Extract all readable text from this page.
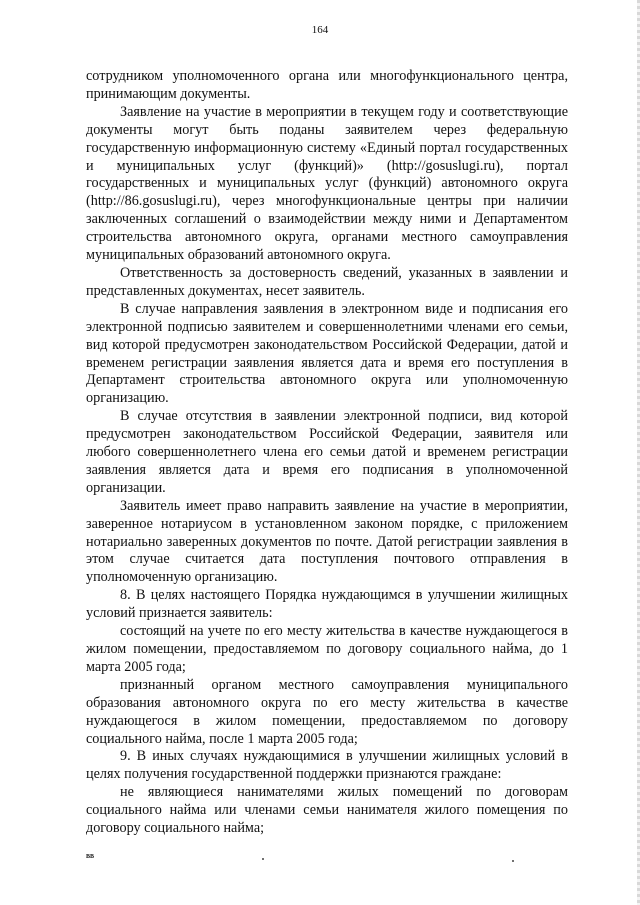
164

сотрудником уполномоченного органа или многофункционального центра, принимающим документы.

Заявление на участие в мероприятии в текущем году и соответствующие документы могут быть поданы заявителем через федеральную государственную информационную систему «Единый портал государственных и муниципальных услуг (функций)» (http://gosuslugi.ru), портал государственных и муниципальных услуг (функций) автономного округа (http://86.gosuslugi.ru), через многофункциональные центры при наличии заключенных соглашений о взаимодействии между ними и Департаментом строительства автономного округа, органами местного самоуправления муниципальных образований автономного округа.

Ответственность за достоверность сведений, указанных в заявлении и представленных документах, несет заявитель.

В случае направления заявления в электронном виде и подписания его электронной подписью заявителем и совершеннолетними членами его семьи, вид которой предусмотрен законодательством Российской Федерации, датой и временем регистрации заявления является дата и время его поступления в Департамент строительства автономного округа или уполномоченную организацию.

В случае отсутствия в заявлении электронной подписи, вид которой предусмотрен законодательством Российской Федерации, заявителя или любого совершеннолетнего члена его семьи датой и временем регистрации заявления является дата и время его подписания в уполномоченной организации.

Заявитель имеет право направить заявление на участие в мероприятии, заверенное нотариусом в установленном законом порядке, с приложением нотариально заверенных документов по почте. Датой регистрации заявления в этом случае считается дата поступления почтового отправления в уполномоченную организацию.

8. В целях настоящего Порядка нуждающимся в улучшении жилищных условий признается заявитель:

состоящий на учете по его месту жительства в качестве нуждающегося в жилом помещении, предоставляемом по договору социального найма, до 1 марта 2005 года;

признанный органом местного самоуправления муниципального образования автономного округа по его месту жительства в качестве нуждающегося в жилом помещении, предоставляемом по договору социального найма, после 1 марта 2005 года;

9. В иных случаях нуждающимися в улучшении жилищных условий в целях получения государственной поддержки признаются граждане:

не являющиеся нанимателями жилых помещений по договорам социального найма или членами семьи нанимателя жилого помещения по договору социального найма;

ВВ
